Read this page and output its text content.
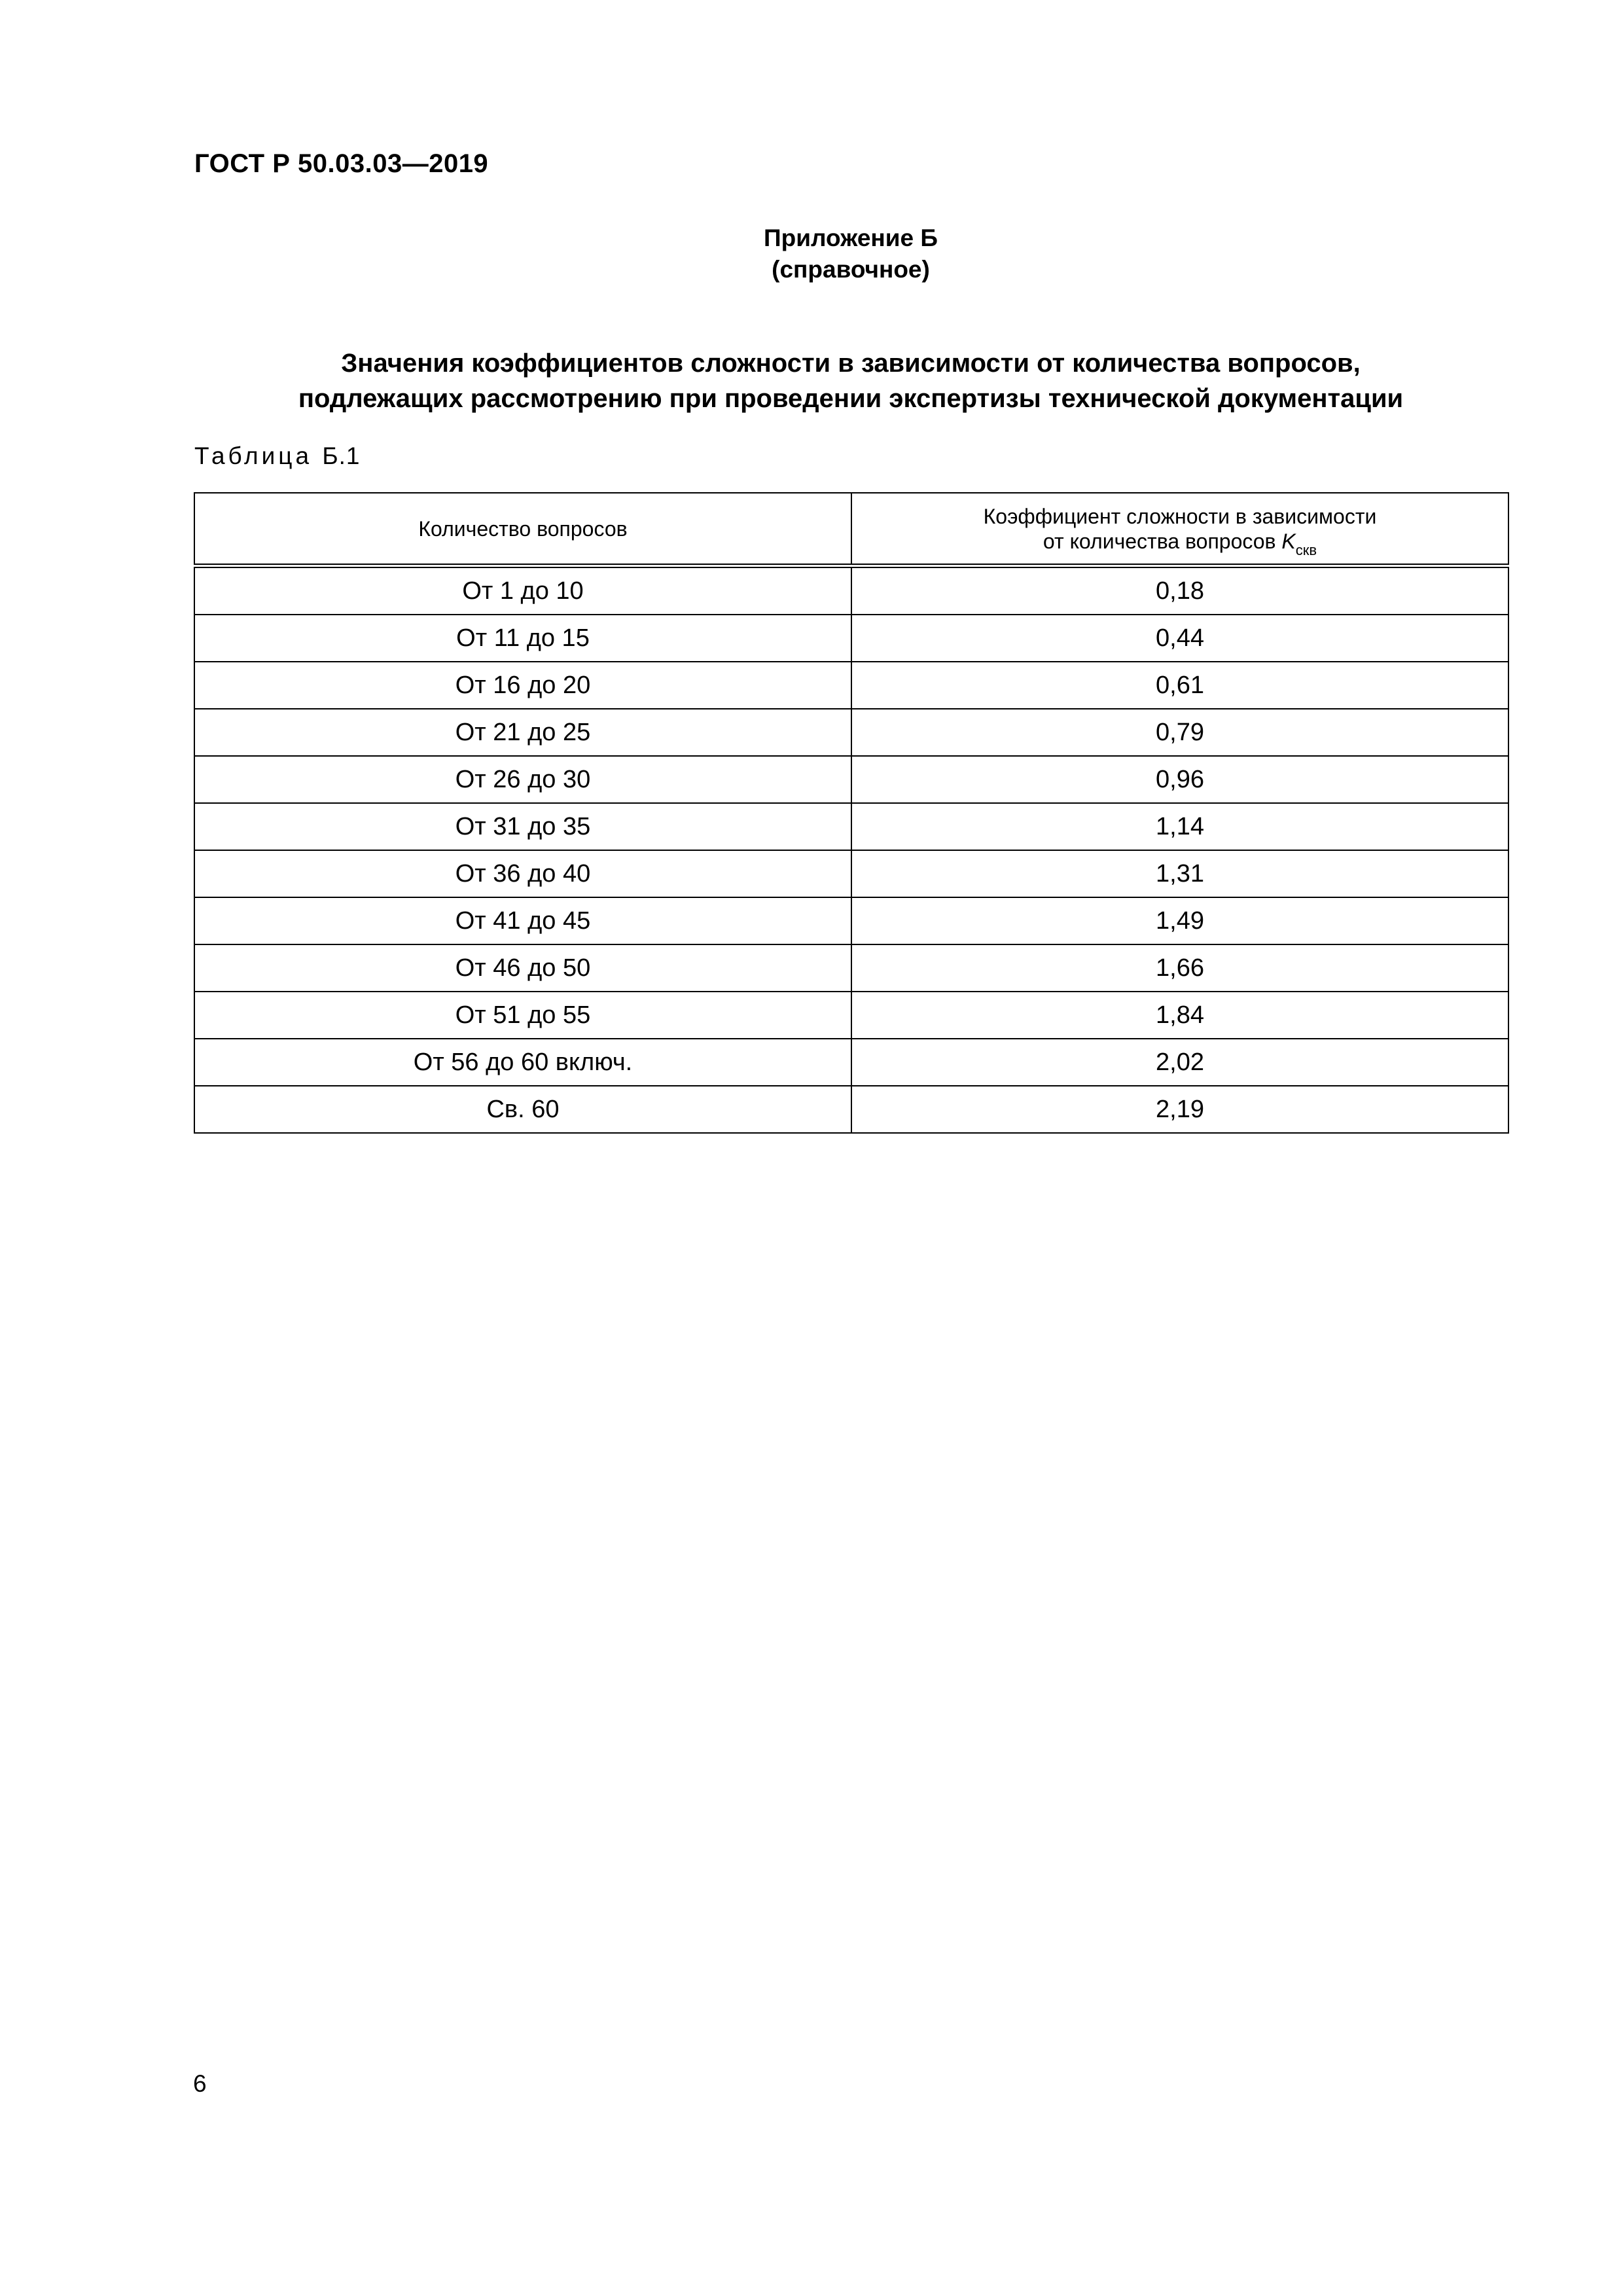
ГОСТ Р 50.03.03—2019
Приложение Б
(справочное)
Значения коэффициентов сложности в зависимости от количества вопросов,
подлежащих рассмотрению при проведении экспертизы технической документации
Таблица Б.1
Количество вопросов	Коэффициент сложности в зависимости
от количества вопросов $K_{скв}$
От 1 до 10	0,18
От 11 до 15	0,44
От 16 до 20	0,61
От 21 до 25	0,79
От 26 до 30	0,96
От 31 до 35	1,14
От 36 до 40	1,31
От 41 до 45	1,49
От 46 до 50	1,66
От 51 до 55	1,84
От 56 до 60 включ.	2,02
Св. 60	2,19
6
